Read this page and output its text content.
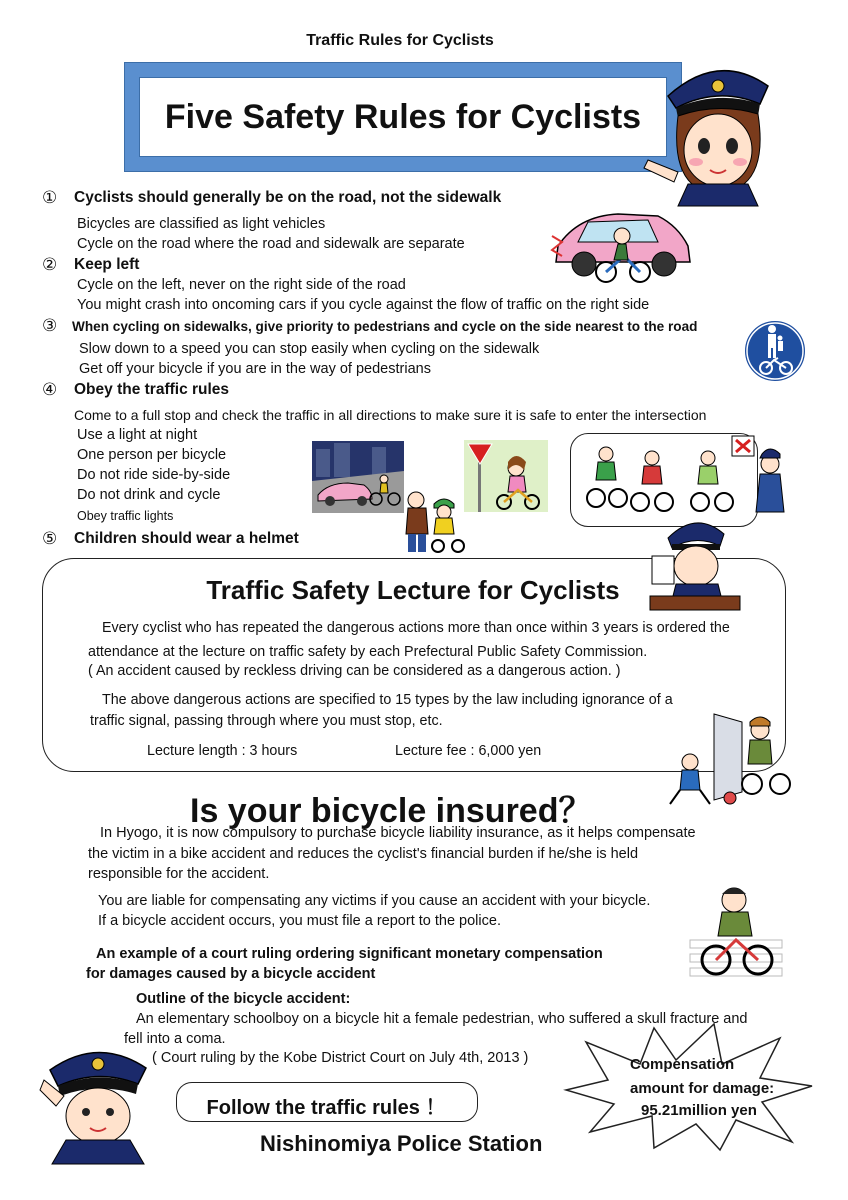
Traffic Rules for Cyclists
Five Safety Rules for Cyclists
① Cyclists should generally be on the road, not the sidewalk
Bicycles are classified as light vehicles
Cycle on the road where the road and sidewalk are separate
② Keep left
Cycle on the left, never on the right side of the road
You might crash into oncoming cars if you cycle against the flow of traffic on the right side
③ When cycling on sidewalks, give priority to pedestrians and cycle on the side nearest to the road
Slow down to a speed you can stop easily when cycling on the sidewalk
Get off your bicycle if you are in the way of pedestrians
④ Obey the traffic rules
Come to a full stop and check the traffic in all directions to make sure it is safe to enter the intersection
Use a light at night
One person per bicycle
Do not ride side-by-side
Do not drink and cycle
Obey traffic lights
⑤ Children should wear a helmet
Traffic Safety Lecture for Cyclists
Every cyclist who has repeated the dangerous actions more than once within 3 years is ordered the
attendance at the lecture on traffic safety by each Prefectural Public Safety Commission.
( An accident caused by reckless driving can be considered as a dangerous action. )
The above dangerous actions are specified to 15 types by the law including ignorance of a
traffic signal, passing through where you must stop, etc.
Lecture length : 3 hours	Lecture fee : 6,000 yen
Is your bicycle insured？
In Hyogo, it is now compulsory to purchase bicycle liability insurance, as it helps compensate
the victim in a bike accident and reduces the cyclist's financial burden if he/she is held
responsible for the accident.
You are liable for compensating any victims if you cause an accident with your bicycle.
If a bicycle accident occurs, you must file a report to the police.
An example of a court ruling ordering significant monetary compensation
for damages caused by a bicycle accident
Outline of the bicycle accident:
An elementary schoolboy on a bicycle hit a female pedestrian, who suffered a skull fracture and
fell into a coma.
( Court ruling by the Kobe District Court on July 4th, 2013 )	Compensation
amount for damage:
95.21million yen
Follow the traffic rules ！
Nishinomiya Police Station
